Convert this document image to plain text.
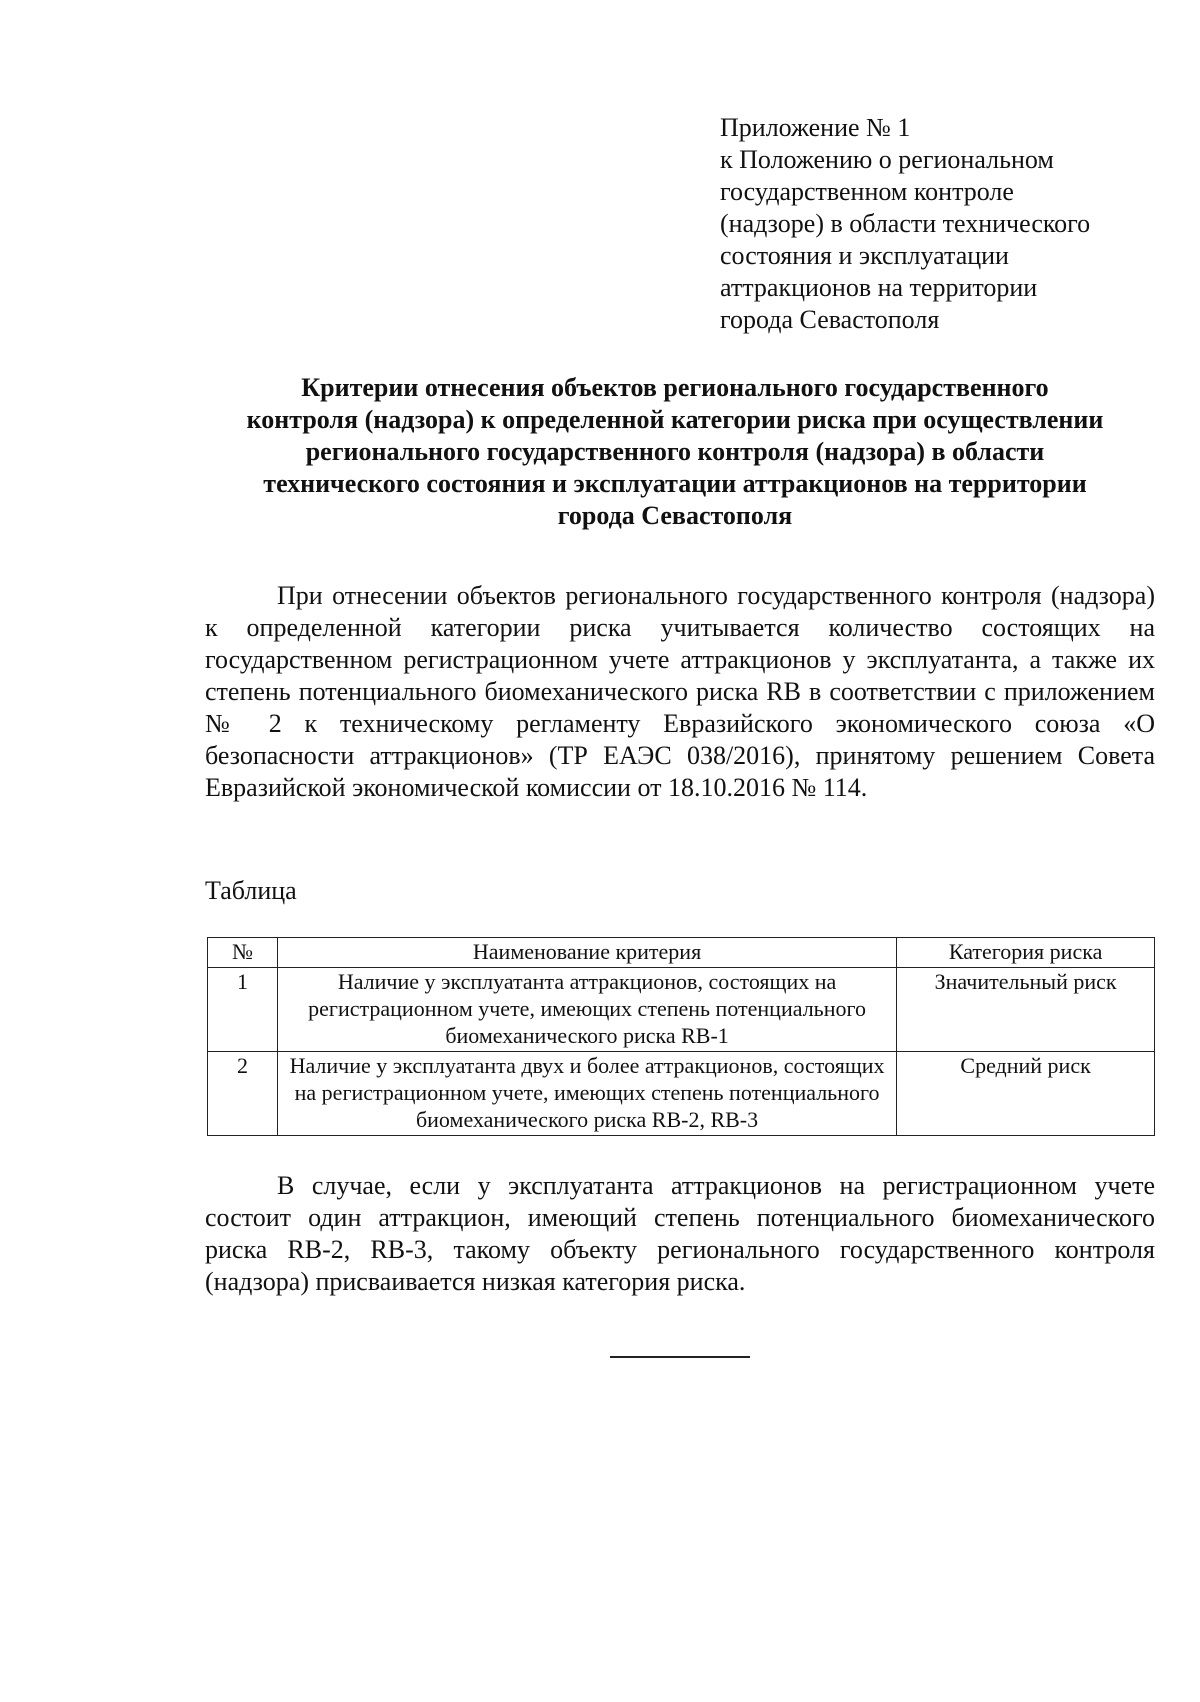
Приложение № 1
к Положению о региональном
государственном контроле
(надзоре) в области технического
состояния и эксплуатации
аттракционов на территории
города Севастополя
Критерии отнесения объектов регионального государственного
контроля (надзора) к определенной категории риска при осуществлении
регионального государственного контроля (надзора) в области
технического состояния и эксплуатации аттракционов на территории
города Севастополя
При отнесении объектов регионального государственного контроля (надзора) к определенной категории риска учитывается количество состоящих на государственном регистрационном учете аттракционов у эксплуатанта, а также их степень потенциального биомеханического риска RB в соответствии с приложением № 2 к техническому регламенту Евразийского экономического союза «О безопасности аттракционов» (ТР ЕАЭС 038/2016), принятому решением Совета Евразийской экономической комиссии от 18.10.2016 № 114.
Таблица
№	Наименование критерия	Категория риска
1	Наличие у эксплуатанта аттракционов, состоящих на регистрационном учете, имеющих степень потенциального биомеханического риска RB-1	Значительный риск
2	Наличие у эксплуатанта двух и более аттракционов, состоящих на регистрационном учете, имеющих степень потенциального биомеханического риска RB-2, RB-3	Средний риск
В случае, если у эксплуатанта аттракционов на регистрационном учете состоит один аттракцион, имеющий степень потенциального биомеханического риска RB-2, RB-3, такому объекту регионального государственного контроля (надзора) присваивается низкая категория риска.
